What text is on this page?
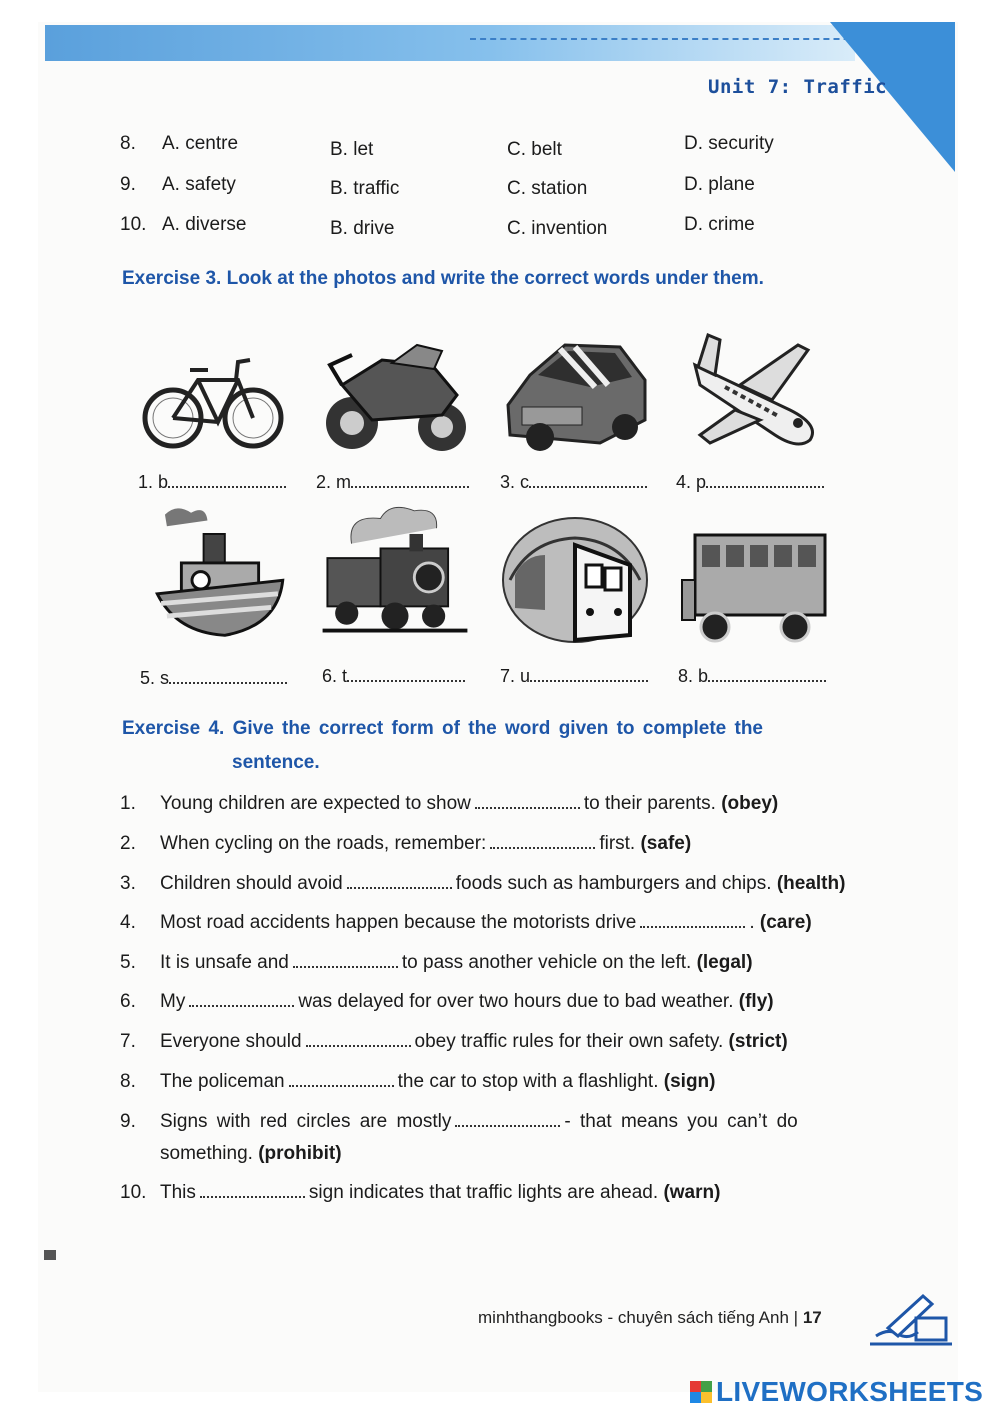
Unit 7: Traffic
8. A. centre	B. let	C. belt	D. security
9. A. safety	B. traffic	C. station	D. plane
10. A. diverse	B. drive	C. invention	D. crime
Exercise 3. Look at the photos and write the correct words under them.
1. b	2. m	3. c	4. p
5. s	6. t	7. u	8. b
Exercise 4. Give the correct form of the word given to complete the
sentence.
1. Young children are expected to show	to their parents. (obey)
2. When cycling on the roads, remember:	first. (safe)
3. Children should avoid	foods such as hamburgers and chips. (health)
4. Most road accidents happen because the motorists drive	. (care)
5. It is unsafe and	to pass another vehicle on the left. (legal)
6. My	was delayed for over two hours due to bad weather. (fly)
7. Everyone should	obey traffic rules for their own safety. (strict)
8. The policeman	the car to stop with a flashlight. (sign)
9. Signs with red circles are mostly	- that means you can’t do
something. (prohibit)
10. This	sign indicates that traffic lights are ahead. (warn)
minhthangbooks - chuyên sách tiếng Anh | 17
LIVEWORKSHEETS
